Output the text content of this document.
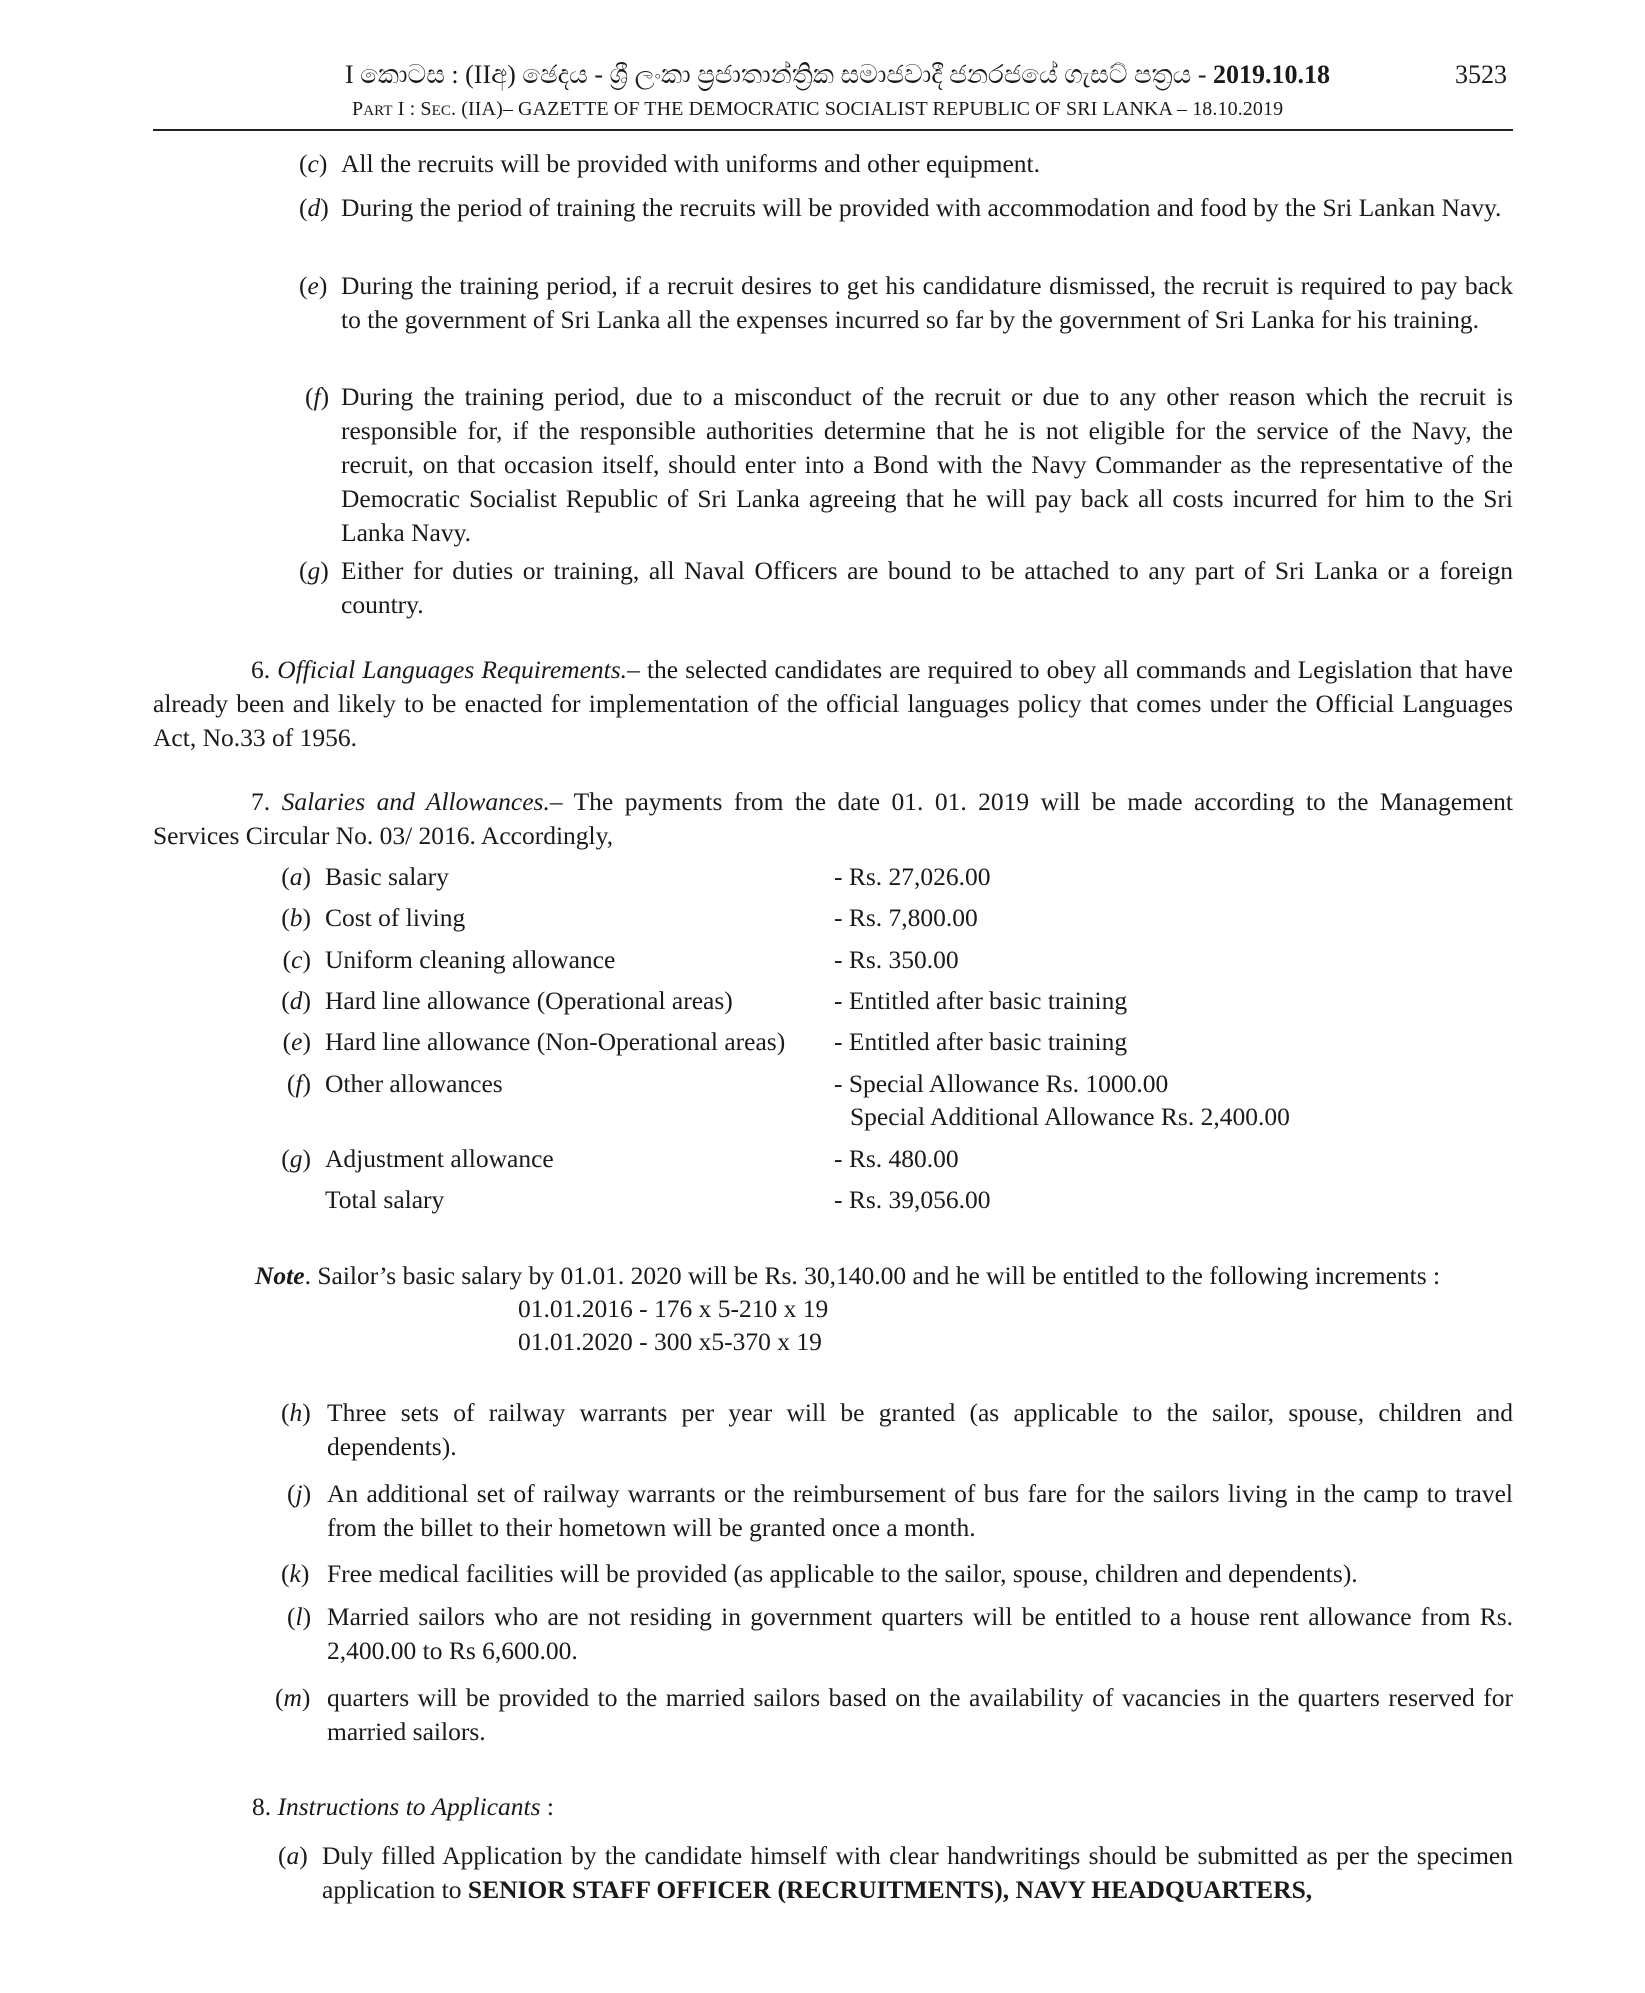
I කොටස : (IIඅ) ඡෙදය - ශ්‍රී ලංකා ප්‍රජාතාන්ත්‍රික සමාජවාදී ජනරජයේ ගැසට් පත්‍රය - 2019.10.18	3523
PART I : SEC. (IIA)– GAZETTE OF THE DEMOCRATIC SOCIALIST REPUBLIC OF SRI LANKA – 18.10.2019
(c) All the recruits will be provided with uniforms and other equipment.
(d) During the period of training the recruits will be provided with accommodation and food by the Sri Lankan Navy.
(e) During the training period, if a recruit desires to get his candidature dismissed, the recruit is required to pay back to the government of Sri Lanka all the expenses incurred so far by the government of Sri Lanka for his training.
(f) During the training period, due to a misconduct of the recruit or due to any other reason which the recruit is responsible for, if the responsible authorities determine that he is not eligible for the service of the Navy, the recruit, on that occasion itself, should enter into a Bond with the Navy Commander as the representative of the Democratic Socialist Republic of Sri Lanka agreeing that he will pay back all costs incurred for him to the Sri Lanka Navy.
(g) Either for duties or training, all Naval Officers are bound to be attached to any part of Sri Lanka or a foreign country.
6. Official Languages Requirements.– the selected candidates are required to obey all commands and Legislation that have already been and likely to be enacted for implementation of the official languages policy that comes under the Official Languages Act, No.33 of 1956.
7. Salaries and Allowances.– The payments from the date 01. 01. 2019 will be made according to the Management Services Circular No. 03/ 2016. Accordingly,
(a) Basic salary	- Rs. 27,026.00
(b) Cost of living	- Rs. 7,800.00
(c) Uniform cleaning allowance	- Rs. 350.00
(d) Hard line allowance (Operational areas)	- Entitled after basic training
(e) Hard line allowance (Non-Operational areas) - Entitled after basic training
(f) Other allowances	- Special Allowance Rs. 1000.00
Special Additional Allowance Rs. 2,400.00
(g) Adjustment allowance	- Rs. 480.00
Total salary	- Rs. 39,056.00
Note. Sailor’s basic salary by 01.01. 2020 will be Rs. 30,140.00 and he will be entitled to the following increments :
01.01.2016 - 176 x 5-210 x 19
01.01.2020 - 300 x5-370 x 19
(h) Three sets of railway warrants per year will be granted (as applicable to the sailor, spouse, children and dependents).
(j) An additional set of railway warrants or the reimbursement of bus fare for the sailors living in the camp to travel from the billet to their hometown will be granted once a month.
(k) Free medical facilities will be provided (as applicable to the sailor, spouse, children and dependents).
(l) Married sailors who are not residing in government quarters will be entitled to a house rent allowance from Rs. 2,400.00 to Rs 6,600.00.
(m) quarters will be provided to the married sailors based on the availability of vacancies in the quarters reserved for married sailors.
8. Instructions to Applicants :
(a) Duly filled Application by the candidate himself with clear handwritings should be submitted as per the specimen application to SENIOR STAFF OFFICER (RECRUITMENTS), NAVY HEADQUARTERS,
